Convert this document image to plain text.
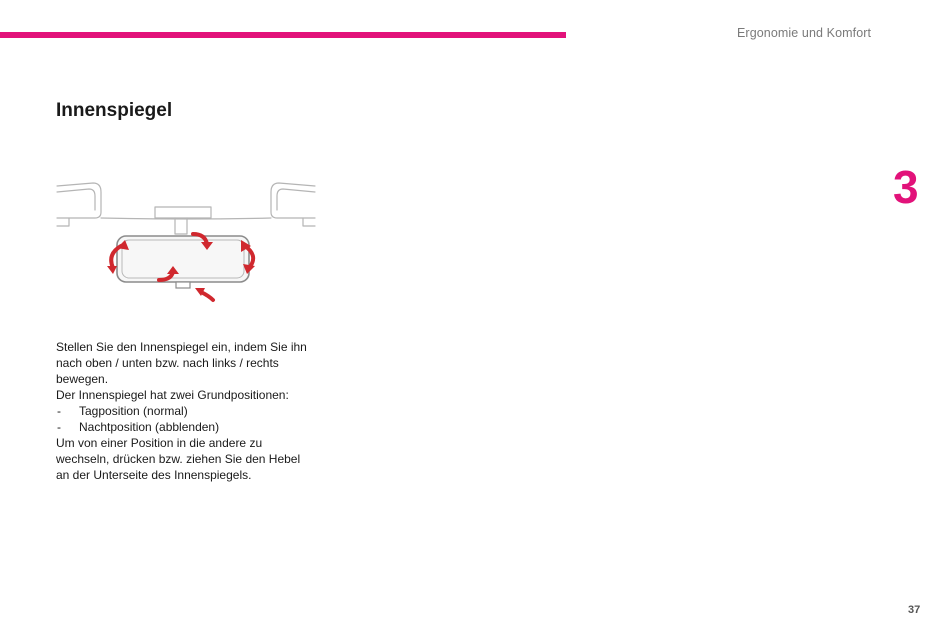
Ergonomie und Komfort
Innenspiegel
3

Stellen Sie den Innenspiegel ein, indem Sie ihn nach oben / unten bzw. nach links / rechts bewegen.

Der Innenspiegel hat zwei Grundpositionen:

- Tagposition (normal)
- Nachtposition (abblenden)

Um von einer Position in die andere zu wechseln, drücken bzw. ziehen Sie den Hebel an der Unterseite des Innenspiegels.

37
